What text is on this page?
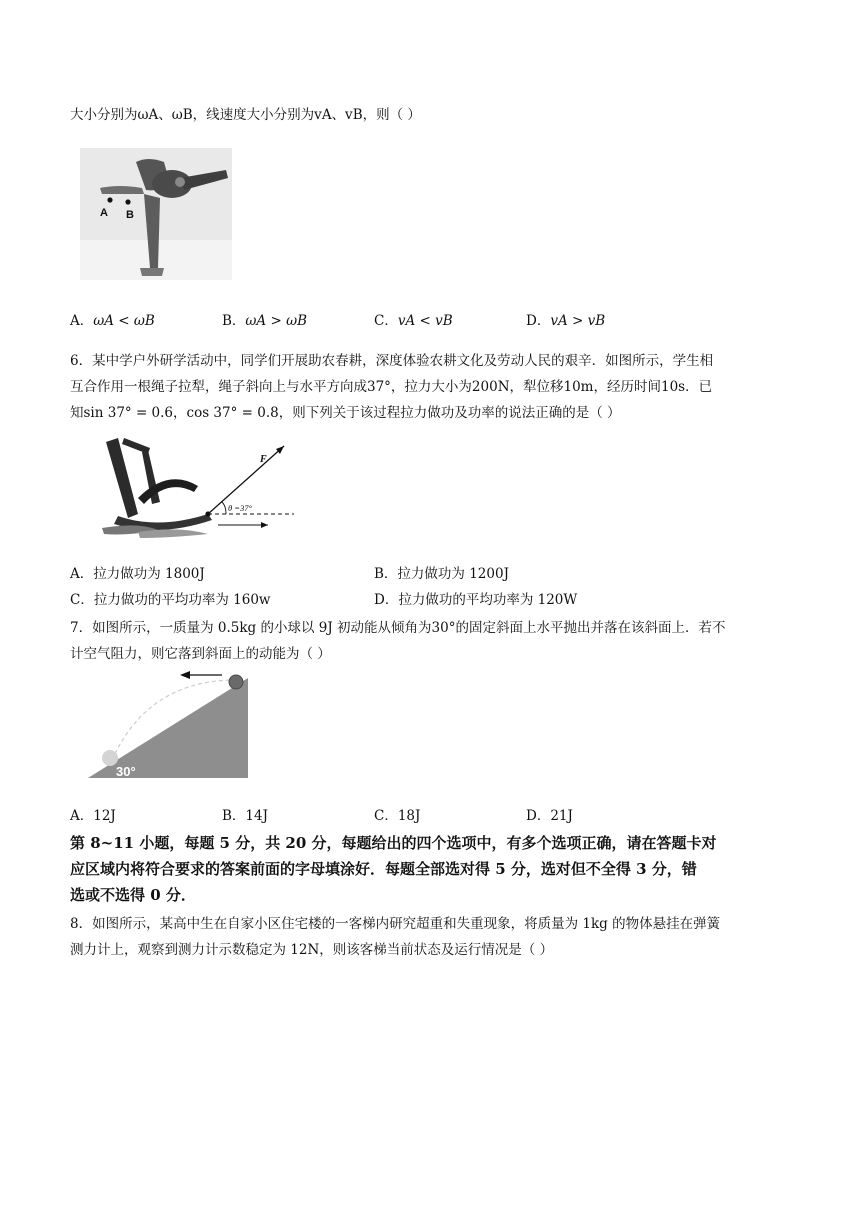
大小分别为ωA、ωB，线速度大小分别为vA、vB，则（ ）
A B
A．ωA < ωB	B．ωA > ωB	C．vA < vB	D．vA > vB
6．某中学户外研学活动中，同学们开展助农春耕，深度体验农耕文化及劳动人民的艰辛．如图所示，学生相
互合作用一根绳子拉犁，绳子斜向上与水平方向成37°，拉力大小为200N，犁位移10m，经历时间10s．已
知sin 37° = 0.6，cos 37° = 0.8，则下列关于该过程拉力做功及功率的说法正确的是（ ）
F
θ =37°
A．拉力做功为 1800J	B．拉力做功为 1200J
C．拉力做功的平均功率为 160w	D．拉力做功的平均功率为 120W
7．如图所示，一质量为 0.5kg 的小球以 9J 初动能从倾角为30°的固定斜面上水平抛出并落在该斜面上．若不
计空气阻力，则它落到斜面上的动能为（ ）
30°
A．12J	B．14J	C．18J	D．21J
第 8~11 小题，每题 5 分，共 20 分，每题给出的四个选项中，有多个选项正确，请在答题卡对
应区域内将符合要求的答案前面的字母填涂好．每题全部选对得 5 分，选对但不全得 3 分，错
选或不选得 0 分．
8．如图所示，某高中生在自家小区住宅楼的一客梯内研究超重和失重现象，将质量为 1kg 的物体悬挂在弹簧
测力计上，观察到测力计示数稳定为 12N，则该客梯当前状态及运行情况是（ ）
